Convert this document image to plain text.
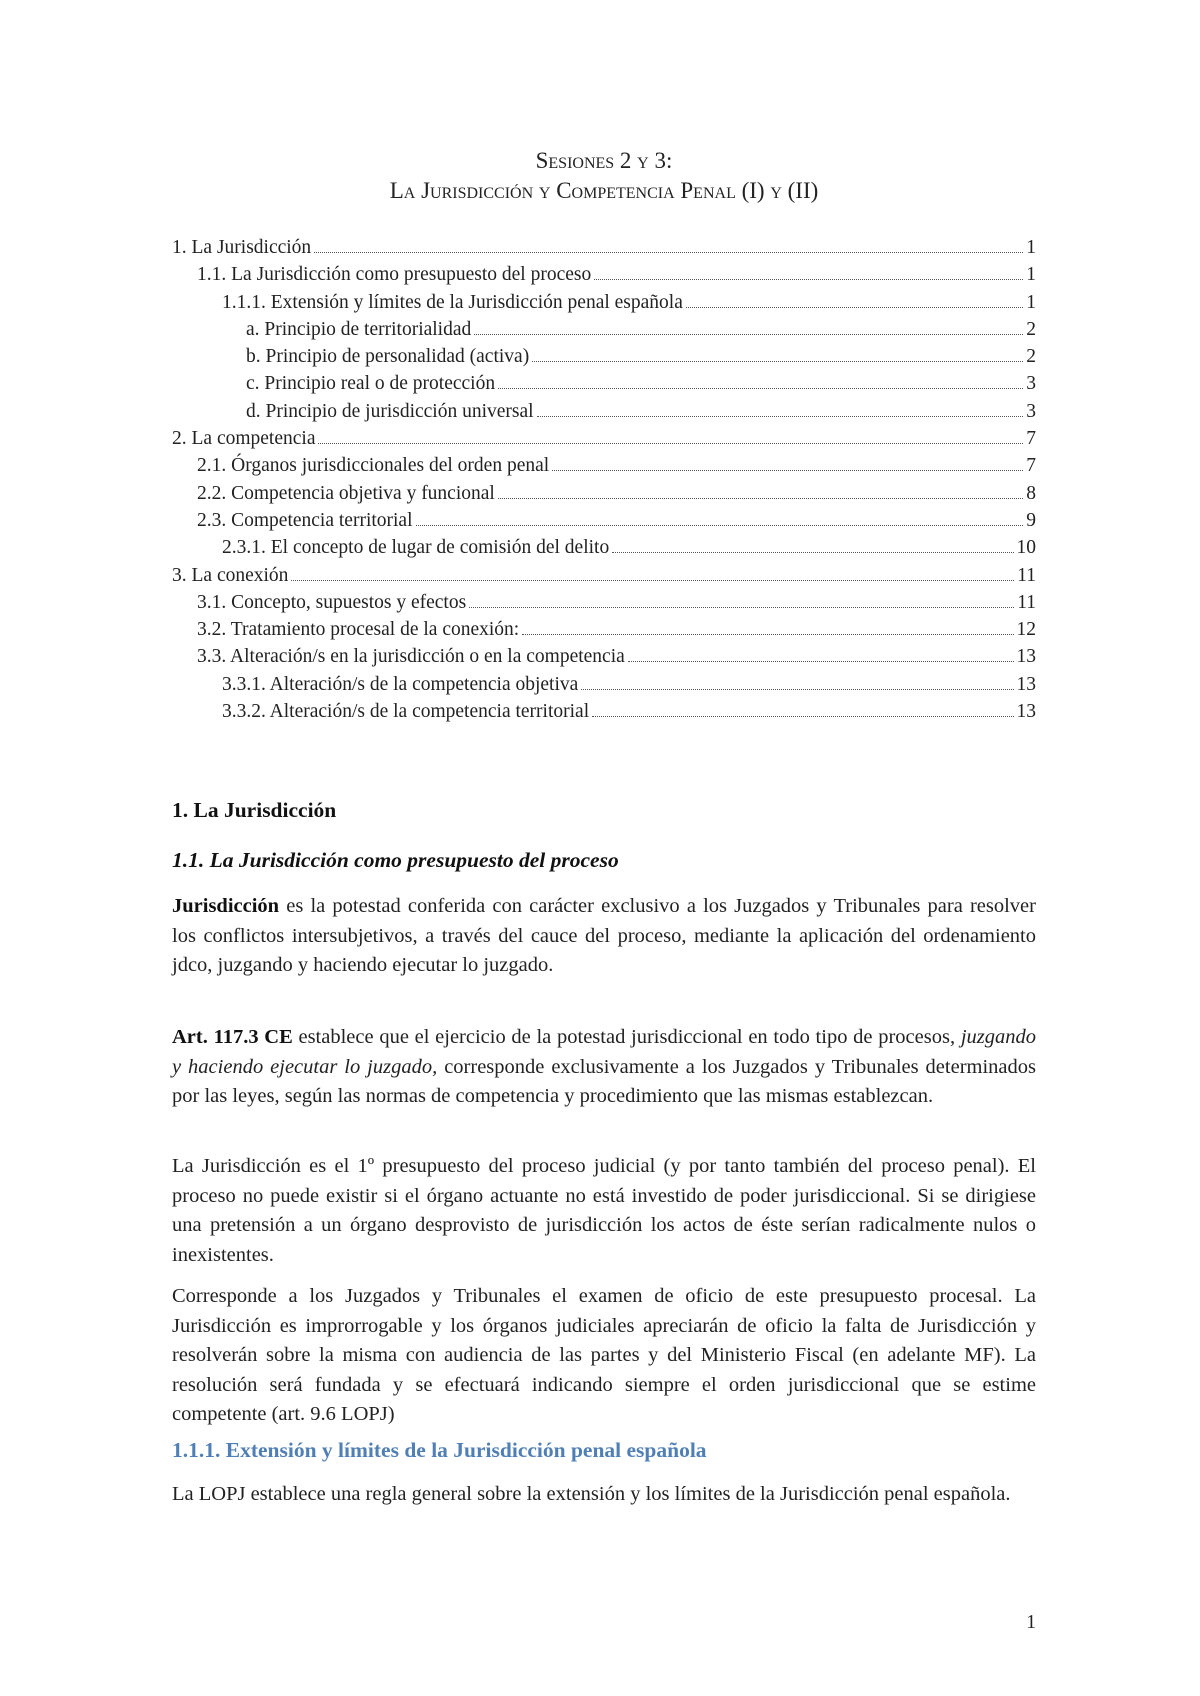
Sesiones 2 y 3:
La Jurisdicción y Competencia Penal (I) y (II)
1. La Jurisdicción	1
1.1. La Jurisdicción como presupuesto del proceso	1
1.1.1. Extensión y límites de la Jurisdicción penal española	1
a. Principio de territorialidad	2
b. Principio de personalidad (activa)	2
c. Principio real o de protección	3
d. Principio de jurisdicción universal	3
2. La competencia	7
2.1. Órganos jurisdiccionales del orden penal	7
2.2. Competencia objetiva y funcional	8
2.3. Competencia territorial	9
2.3.1. El concepto de lugar de comisión del delito	10
3. La conexión	11
3.1. Concepto, supuestos y efectos	11
3.2. Tratamiento procesal de la conexión:	12
3.3. Alteración/s en la jurisdicción o en la competencia	13
3.3.1. Alteración/s de la competencia objetiva	13
3.3.2. Alteración/s de la competencia territorial	13
1. La Jurisdicción
1.1. La Jurisdicción como presupuesto del proceso

Jurisdicción es la potestad conferida con carácter exclusivo a los Juzgados y Tribunales para resolver los conflictos intersubjetivos, a través del cauce del proceso, mediante la aplicación del ordenamiento jdco, juzgando y haciendo ejecutar lo juzgado.

Art. 117.3 CE establece que el ejercicio de la potestad jurisdiccional en todo tipo de procesos, juzgando y haciendo ejecutar lo juzgado, corresponde exclusivamente a los Juzgados y Tribunales determinados por las leyes, según las normas de competencia y procedimiento que las mismas establezcan.

La Jurisdicción es el 1º presupuesto del proceso judicial (y por tanto también del proceso penal). El proceso no puede existir si el órgano actuante no está investido de poder jurisdiccional. Si se dirigiese una pretensión a un órgano desprovisto de jurisdicción los actos de éste serían radicalmente nulos o inexistentes.

Corresponde a los Juzgados y Tribunales el examen de oficio de este presupuesto procesal. La Jurisdicción es improrrogable y los órganos judiciales apreciarán de oficio la falta de Jurisdicción y resolverán sobre la misma con audiencia de las partes y del Ministerio Fiscal (en adelante MF). La resolución será fundada y se efectuará indicando siempre el orden jurisdiccional que se estime competente (art. 9.6 LOPJ)

1.1.1. Extensión y límites de la Jurisdicción penal española

La LOPJ establece una regla general sobre la extensión y los límites de la Jurisdicción penal española.

1
